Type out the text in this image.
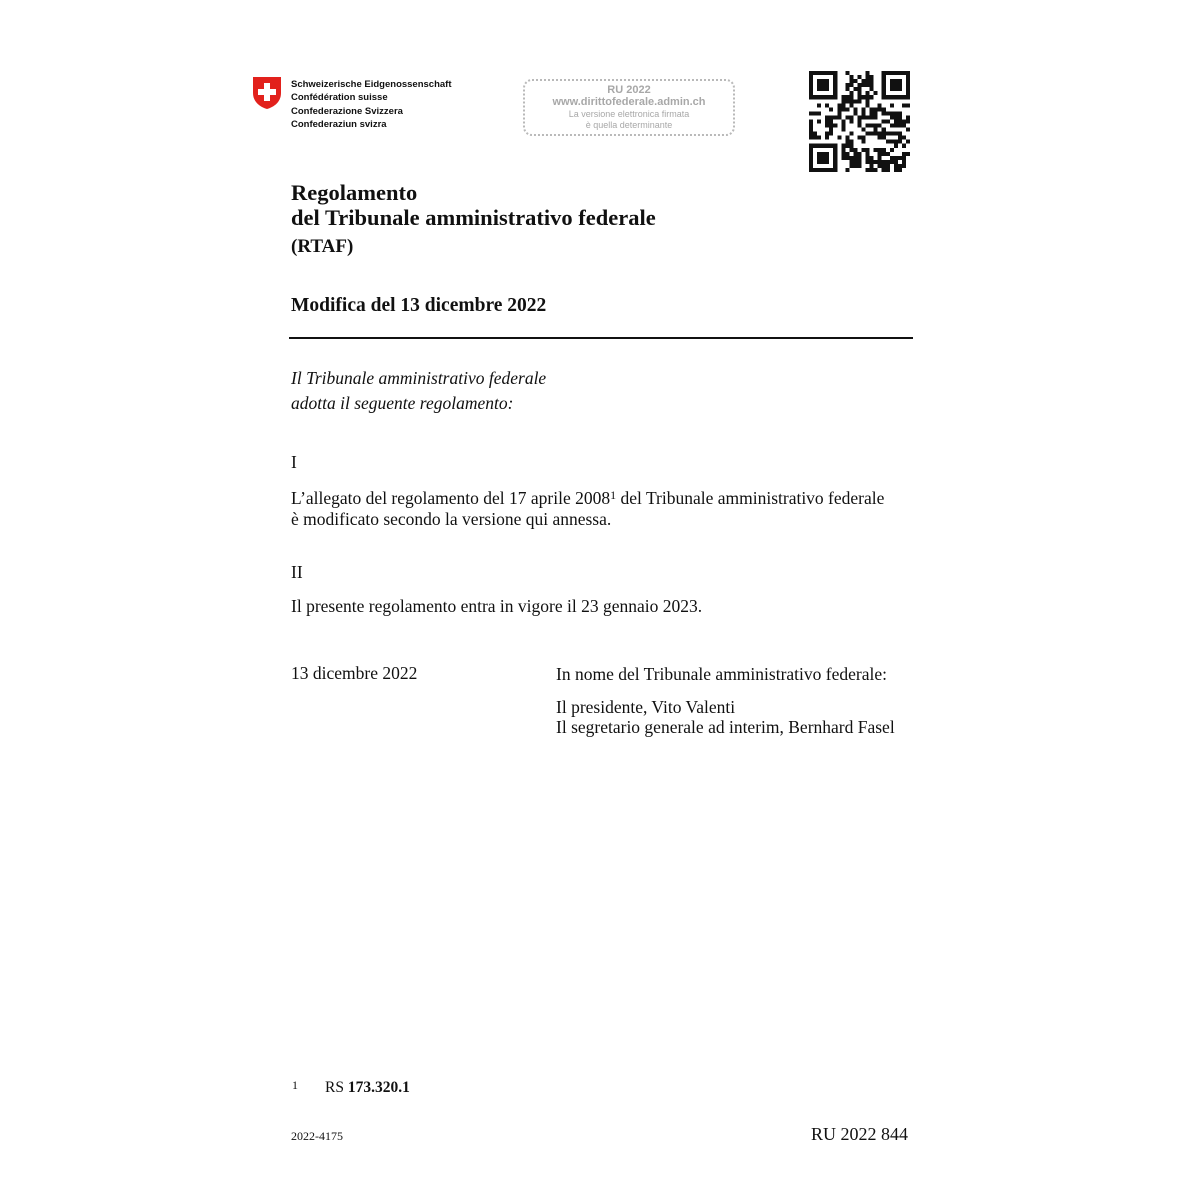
Schweizerische Eidgenossenschaft
Confédération suisse
Confederazione Svizzera
Confederaziun svizra
RU 2022
www.dirittofederale.admin.ch
La versione elettronica firmata
è quella determinante
Regolamento
del Tribunale amministrativo federale
(RTAF)
Modifica del 13 dicembre 2022
Il Tribunale amministrativo federale
adotta il seguente regolamento:
I
L’allegato del regolamento del 17 aprile 2008$^1$ del Tribunale amministrativo federale
è modificato secondo la versione qui annessa.
II
Il presente regolamento entra in vigore il 23 gennaio 2023.
13 dicembre 2022	In nome del Tribunale amministrativo federale:
Il presidente, Vito Valenti
Il segretario generale ad interim, Bernhard Fasel
1 RS 173.320.1
2022-4175	RU 2022 844
